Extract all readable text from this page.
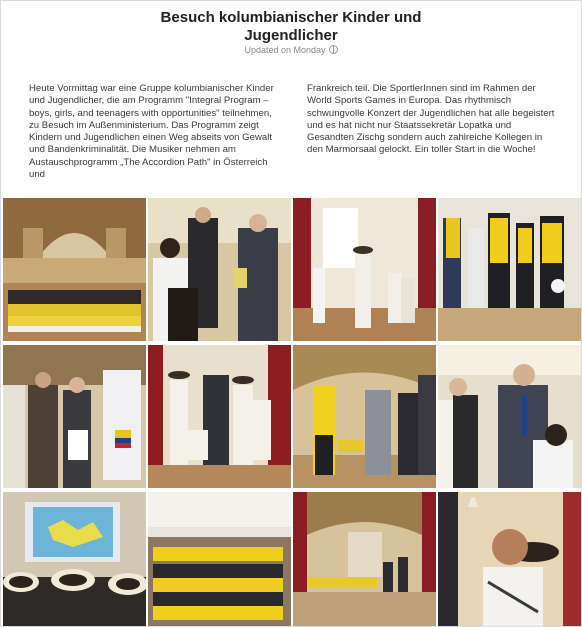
Besuch kolumbianischer Kinder und
Jugendlicher
Updated on Monday
Heute Vormittag war eine Gruppe kolumbianischer Kinder und Jugendlicher, die am Programm "Integral Program –boys, girls, and teenagers with opportunities" teilnehmen, zu Besuch im Außenministerium. Das Programm zeigt Kindern und Jugendlichen einen Weg abseits von Gewalt und Bandenkriminalität. Die Musiker nehmen am Austauschprogramm „The Accordion Path" in Österreich und
Frankreich teil. Die SportlerInnen sind im Rahmen der World Sports Games in Europa. Das rhythmisch schwungvolle Konzert der Jugendlichen hat alle begeistert und es hat nicht nur Staatssekretär Lopatka und Gesandten Zischg sondern auch zahlreiche Kollegen in den Marmorsaal gelockt. Ein toller Start in die Woche!
